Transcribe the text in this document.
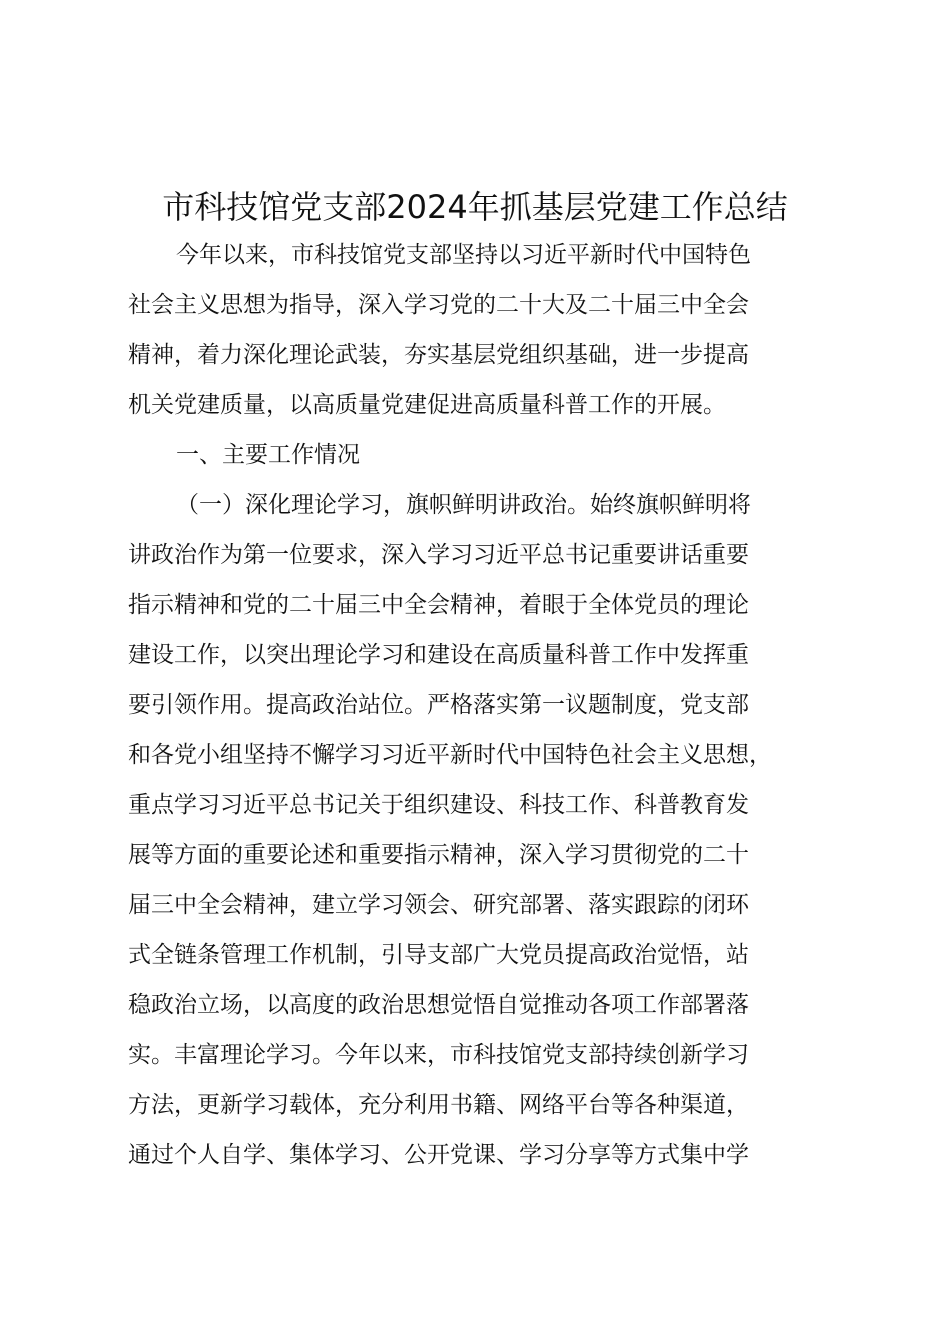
市科技馆党支部2024年抓基层党建工作总结
今年以来，市科技馆党支部坚持以习近平新时代中国特色
社会主义思想为指导，深入学习党的二十大及二十届三中全会
精神，着力深化理论武装，夯实基层党组织基础，进一步提高
机关党建质量，以高质量党建促进高质量科普工作的开展。
一、主要工作情况
（一）深化理论学习，旗帜鲜明讲政治。始终旗帜鲜明将
讲政治作为第一位要求，深入学习习近平总书记重要讲话重要
指示精神和党的二十届三中全会精神，着眼于全体党员的理论
建设工作，以突出理论学习和建设在高质量科普工作中发挥重
要引领作用。提高政治站位。严格落实第一议题制度，党支部
和各党小组坚持不懈学习习近平新时代中国特色社会主义思想，
重点学习习近平总书记关于组织建设、科技工作、科普教育发
展等方面的重要论述和重要指示精神，深入学习贯彻党的二十
届三中全会精神，建立学习领会、研究部署、落实跟踪的闭环
式全链条管理工作机制，引导支部广大党员提高政治觉悟，站
稳政治立场，以高度的政治思想觉悟自觉推动各项工作部署落
实。丰富理论学习。今年以来，市科技馆党支部持续创新学习
方法，更新学习载体，充分利用书籍、网络平台等各种渠道，
通过个人自学、集体学习、公开党课、学习分享等方式集中学
